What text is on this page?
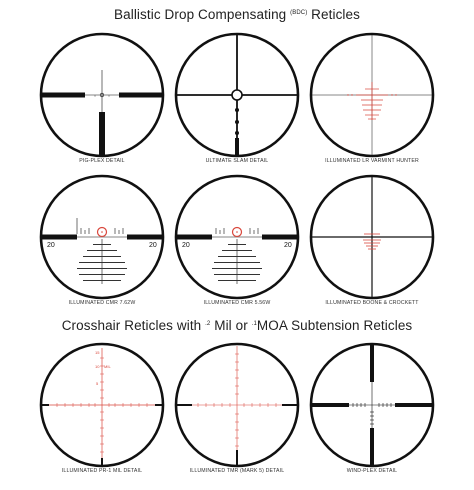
Ballistic Drop Compensating $^{(BDC)}$ Reticles
Crosshair Reticles with $^{.2}$ Mil or $^{.1}$MOA Subtension Reticles
PIG-PLEX DETAIL	ULTIMATE SLAM DETAIL	ILLUMINATED LR VARMINT HUNTER
20	20
ILLUMINATED CMR 7.62W
20	20
ILLUMINATED CMR 5.56W	ILLUMINATED BOONE & CROCKETT
15
10 MIL
5
ILLUMINATED PR-1 MIL DETAIL	ILLUMINATED TMR (MARK 5) DETAIL	WIND-PLEX DETAIL
